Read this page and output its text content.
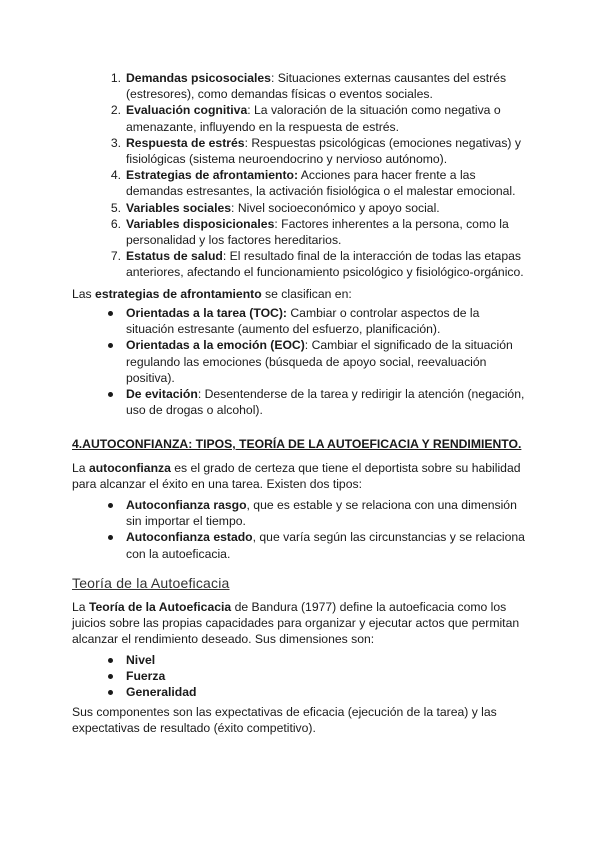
1. Demandas psicosociales: Situaciones externas causantes del estrés (estresores), como demandas físicas o eventos sociales.
2. Evaluación cognitiva: La valoración de la situación como negativa o amenazante, influyendo en la respuesta de estrés.
3. Respuesta de estrés: Respuestas psicológicas (emociones negativas) y fisiológicas (sistema neuroendocrino y nervioso autónomo).
4. Estrategias de afrontamiento: Acciones para hacer frente a las demandas estresantes, la activación fisiológica o el malestar emocional.
5. Variables sociales: Nivel socioeconómico y apoyo social.
6. Variables disposicionales: Factores inherentes a la persona, como la personalidad y los factores hereditarios.
7. Estatus de salud: El resultado final de la interacción de todas las etapas anteriores, afectando el funcionamiento psicológico y fisiológico-orgánico.

Las estrategias de afrontamiento se clasifican en:

Orientadas a la tarea (TOC): Cambiar o controlar aspectos de la situación estresante (aumento del esfuerzo, planificación).
Orientadas a la emoción (EOC): Cambiar el significado de la situación regulando las emociones (búsqueda de apoyo social, reevaluación positiva).
De evitación: Desentenderse de la tarea y redirigir la atención (negación, uso de drogas o alcohol).
4.AUTOCONFIANZA: TIPOS, TEORÍA DE LA AUTOEFICACIA Y RENDIMIENTO.

La autoconfianza es el grado de certeza que tiene el deportista sobre su habilidad para alcanzar el éxito en una tarea. Existen dos tipos:

Autoconfianza rasgo, que es estable y se relaciona con una dimensión sin importar el tiempo.
Autoconfianza estado, que varía según las circunstancias y se relaciona con la autoeficacia.
Teoría de la Autoeficacia

La Teoría de la Autoeficacia de Bandura (1977) define la autoeficacia como los juicios sobre las propias capacidades para organizar y ejecutar actos que permitan alcanzar el rendimiento deseado. Sus dimensiones son:

Nivel
Fuerza
Generalidad

Sus componentes son las expectativas de eficacia (ejecución de la tarea) y las expectativas de resultado (éxito competitivo).
